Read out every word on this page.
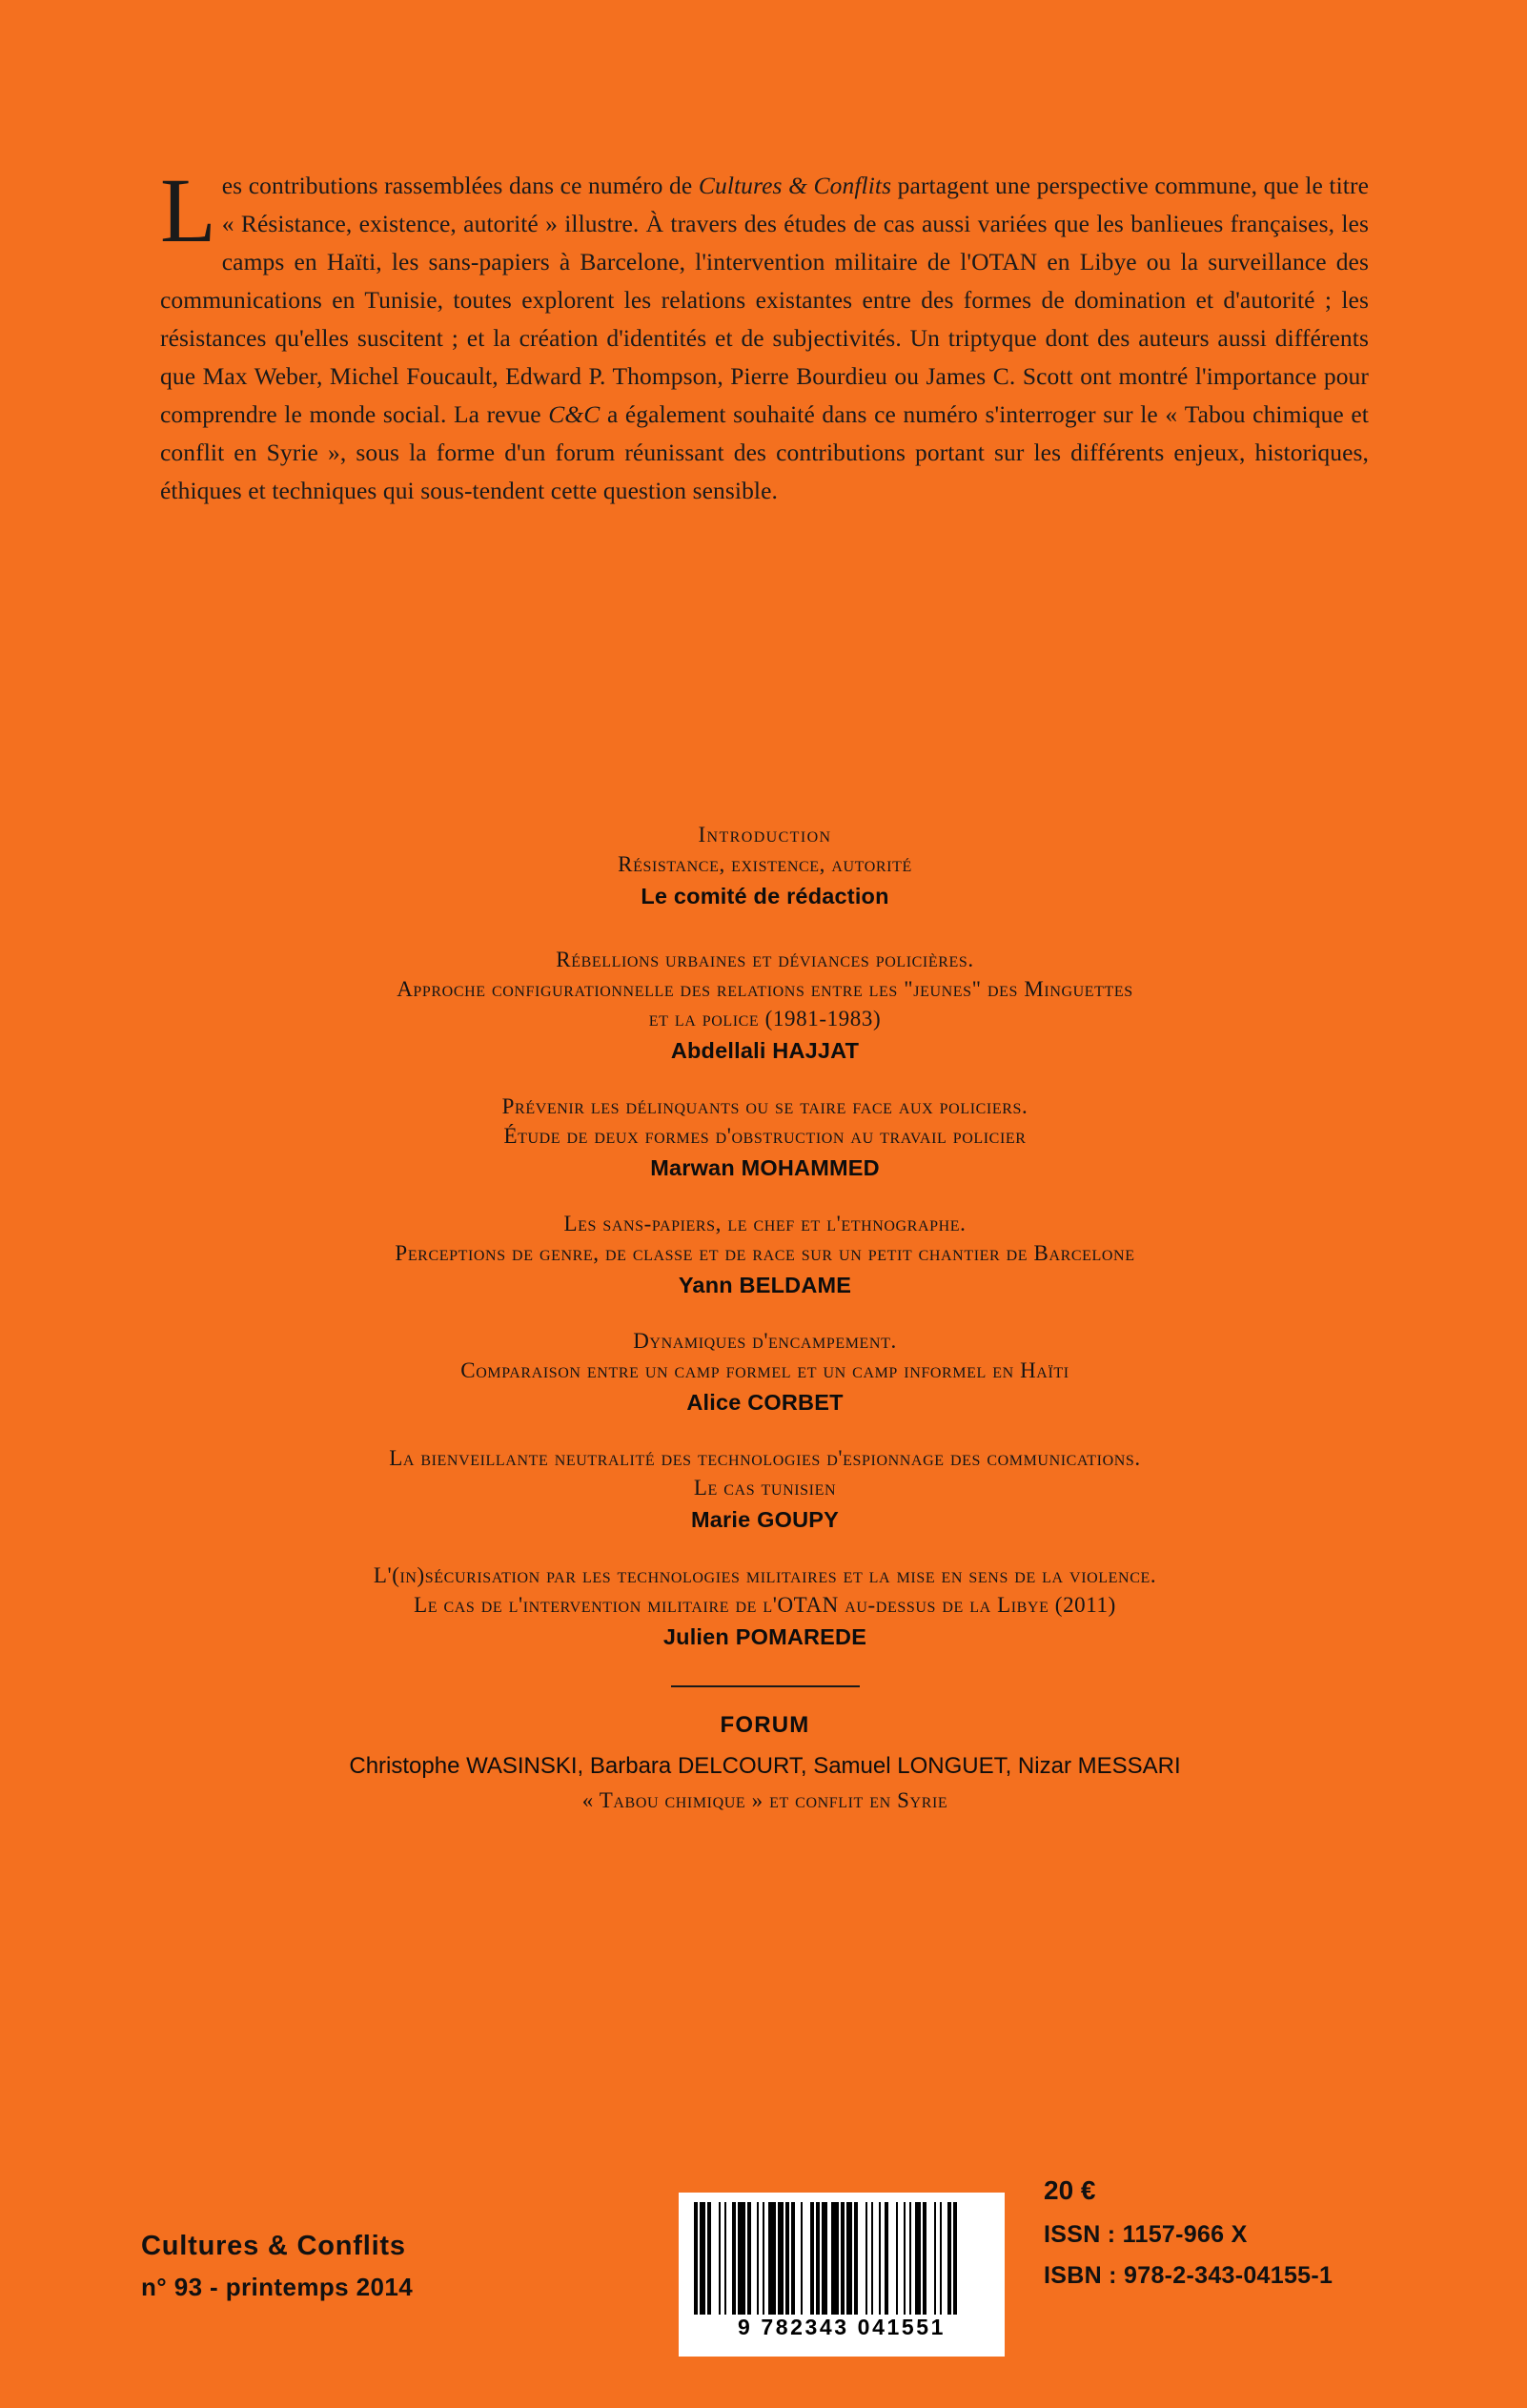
Les contributions rassemblées dans ce numéro de Cultures & Conflits partagent une perspective commune, que le titre « Résistance, existence, autorité » illustre. À travers des études de cas aussi variées que les banlieues françaises, les camps en Haïti, les sans-papiers à Barcelone, l'intervention militaire de l'OTAN en Libye ou la surveillance des communications en Tunisie, toutes explorent les relations existantes entre des formes de domination et d'autorité ; les résistances qu'elles suscitent ; et la création d'identités et de subjectivités. Un triptyque dont des auteurs aussi différents que Max Weber, Michel Foucault, Edward P. Thompson, Pierre Bourdieu ou James C. Scott ont montré l'importance pour comprendre le monde social. La revue C&C a également souhaité dans ce numéro s'interroger sur le « Tabou chimique et conflit en Syrie », sous la forme d'un forum réunissant des contributions portant sur les différents enjeux, historiques, éthiques et techniques qui sous-tendent cette question sensible.
Introduction
Résistance, existence, autorité
Le comité de rédaction
Rébellions urbaines et déviances policières.
Approche configurationnelle des relations entre les "jeunes" des Minguettes
et la police (1981-1983)
Abdellali HAJJAT
Prévenir les délinquants ou se taire face aux policiers.
Étude de deux formes d'obstruction au travail policier
Marwan MOHAMMED
Les sans-papiers, le chef et l'ethnographe.
Perceptions de genre, de classe et de race sur un petit chantier de Barcelone
Yann BELDAME
Dynamiques d'encampement.
Comparaison entre un camp formel et un camp informel en Haïti
Alice CORBET
La bienveillante neutralité des technologies d'espionnage des communications.
Le cas tunisien
Marie GOUPY
L'(in)sécurisation par les technologies militaires et la mise en sens de la violence.
Le cas de l'intervention militaire de l'OTAN au-dessus de la Libye (2011)
Julien POMAREDE
FORUM
Christophe WASINSKI, Barbara DELCOURT, Samuel LONGUET, Nizar MESSARI
« Tabou chimique » et conflit en Syrie
Cultures & Conflits
n° 93 - printemps 2014
9 782343 041551
20 €
ISSN : 1157-966 X
ISBN : 978-2-343-04155-1
